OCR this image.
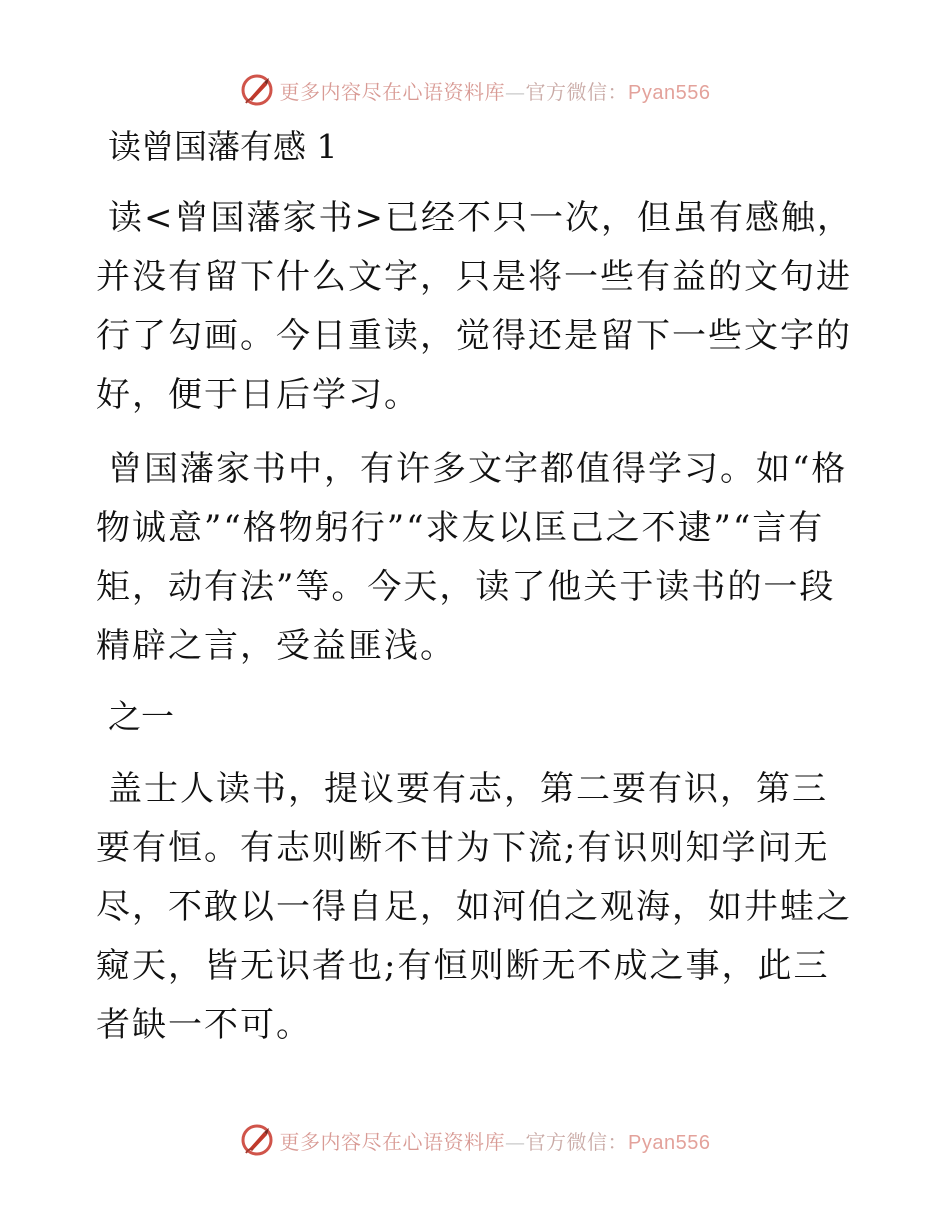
更多内容尽在心语资料库—官方微信：Pyan556
读曾国藩有感 1

读<曾国藩家书>已经不只一次，但虽有感触，并没有留下什么文字，只是将一些有益的文句进行了勾画。今日重读，觉得还是留下一些文字的好，便于日后学习。

曾国藩家书中，有许多文字都值得学习。如“格物诚意”“格物躬行”“求友以匡己之不逮”“言有矩，动有法”等。今天，读了他关于读书的一段精辟之言，受益匪浅。

之一

盖士人读书，提议要有志，第二要有识，第三要有恒。有志则断不甘为下流;有识则知学问无尽，不敢以一得自足，如河伯之观海，如井蛙之窥天，皆无识者也;有恒则断无不成之事，此三者缺一不可。

更多内容尽在心语资料库—官方微信：Pyan556
